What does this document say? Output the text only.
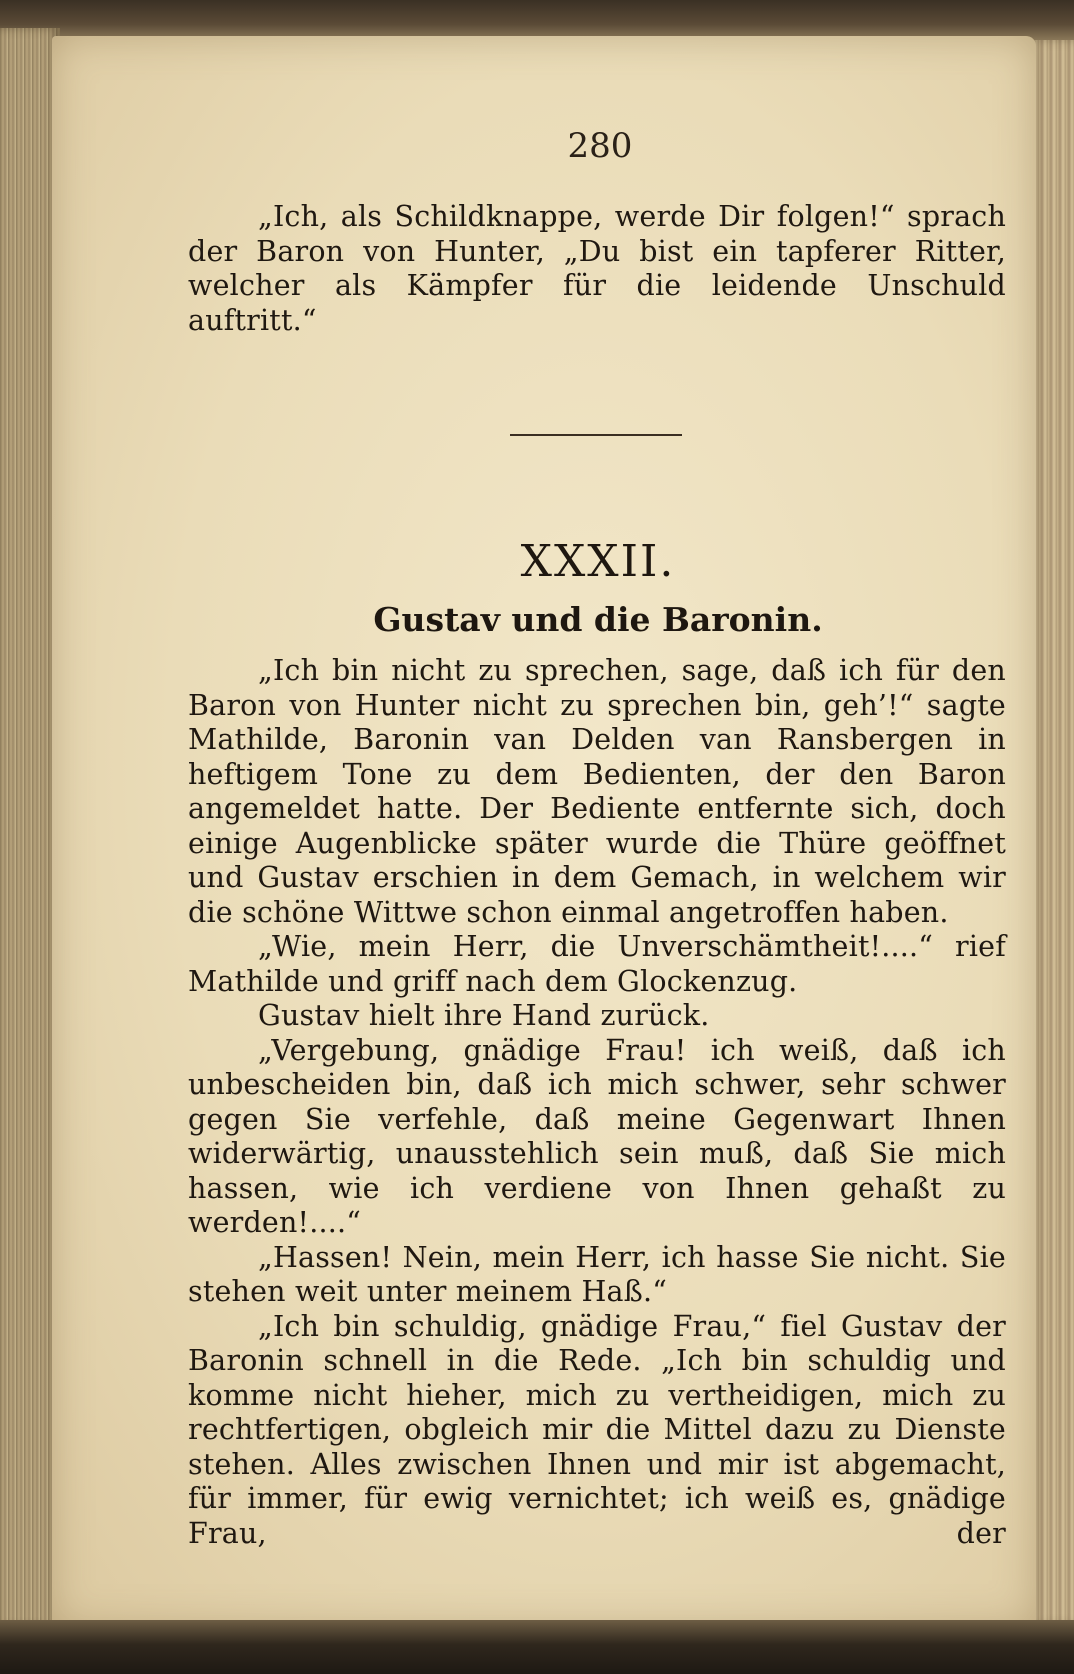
280

„Ich, als Schildknappe, werde Dir folgen!“ sprach der Baron von Hunter, „Du bist ein tapferer Ritter, welcher als Kämpfer für die leidende Unschuld auftritt.“

XXXII.
Gustav und die Baronin.

„Ich bin nicht zu sprechen, sage, daß ich für den Baron von Hunter nicht zu sprechen bin, geh’!“ sagte Mathilde, Baronin van Delden van Ransbergen in heftigem Tone zu dem Bedienten, der den Baron angemeldet hatte. Der Bediente entfernte sich, doch einige Augenblicke später wurde die Thüre geöffnet und Gustav erschien in dem Gemach, in welchem wir die schöne Wittwe schon einmal angetroffen haben.

„Wie, mein Herr, die Unverschämtheit!....“ rief Mathilde und griff nach dem Glockenzug.

Gustav hielt ihre Hand zurück.

„Vergebung, gnädige Frau! ich weiß, daß ich unbescheiden bin, daß ich mich schwer, sehr schwer gegen Sie verfehle, daß meine Gegenwart Ihnen widerwärtig, unausstehlich sein muß, daß Sie mich hassen, wie ich verdiene von Ihnen gehaßt zu werden!....“

„Hassen! Nein, mein Herr, ich hasse Sie nicht. Sie stehen weit unter meinem Haß.“

„Ich bin schuldig, gnädige Frau,“ fiel Gustav der Baronin schnell in die Rede. „Ich bin schuldig und komme nicht hieher, mich zu vertheidigen, mich zu rechtfertigen, obgleich mir die Mittel dazu zu Dienste stehen. Alles zwischen Ihnen und mir ist abgemacht, für immer, für ewig vernichtet; ich weiß es, gnädige Frau, der
